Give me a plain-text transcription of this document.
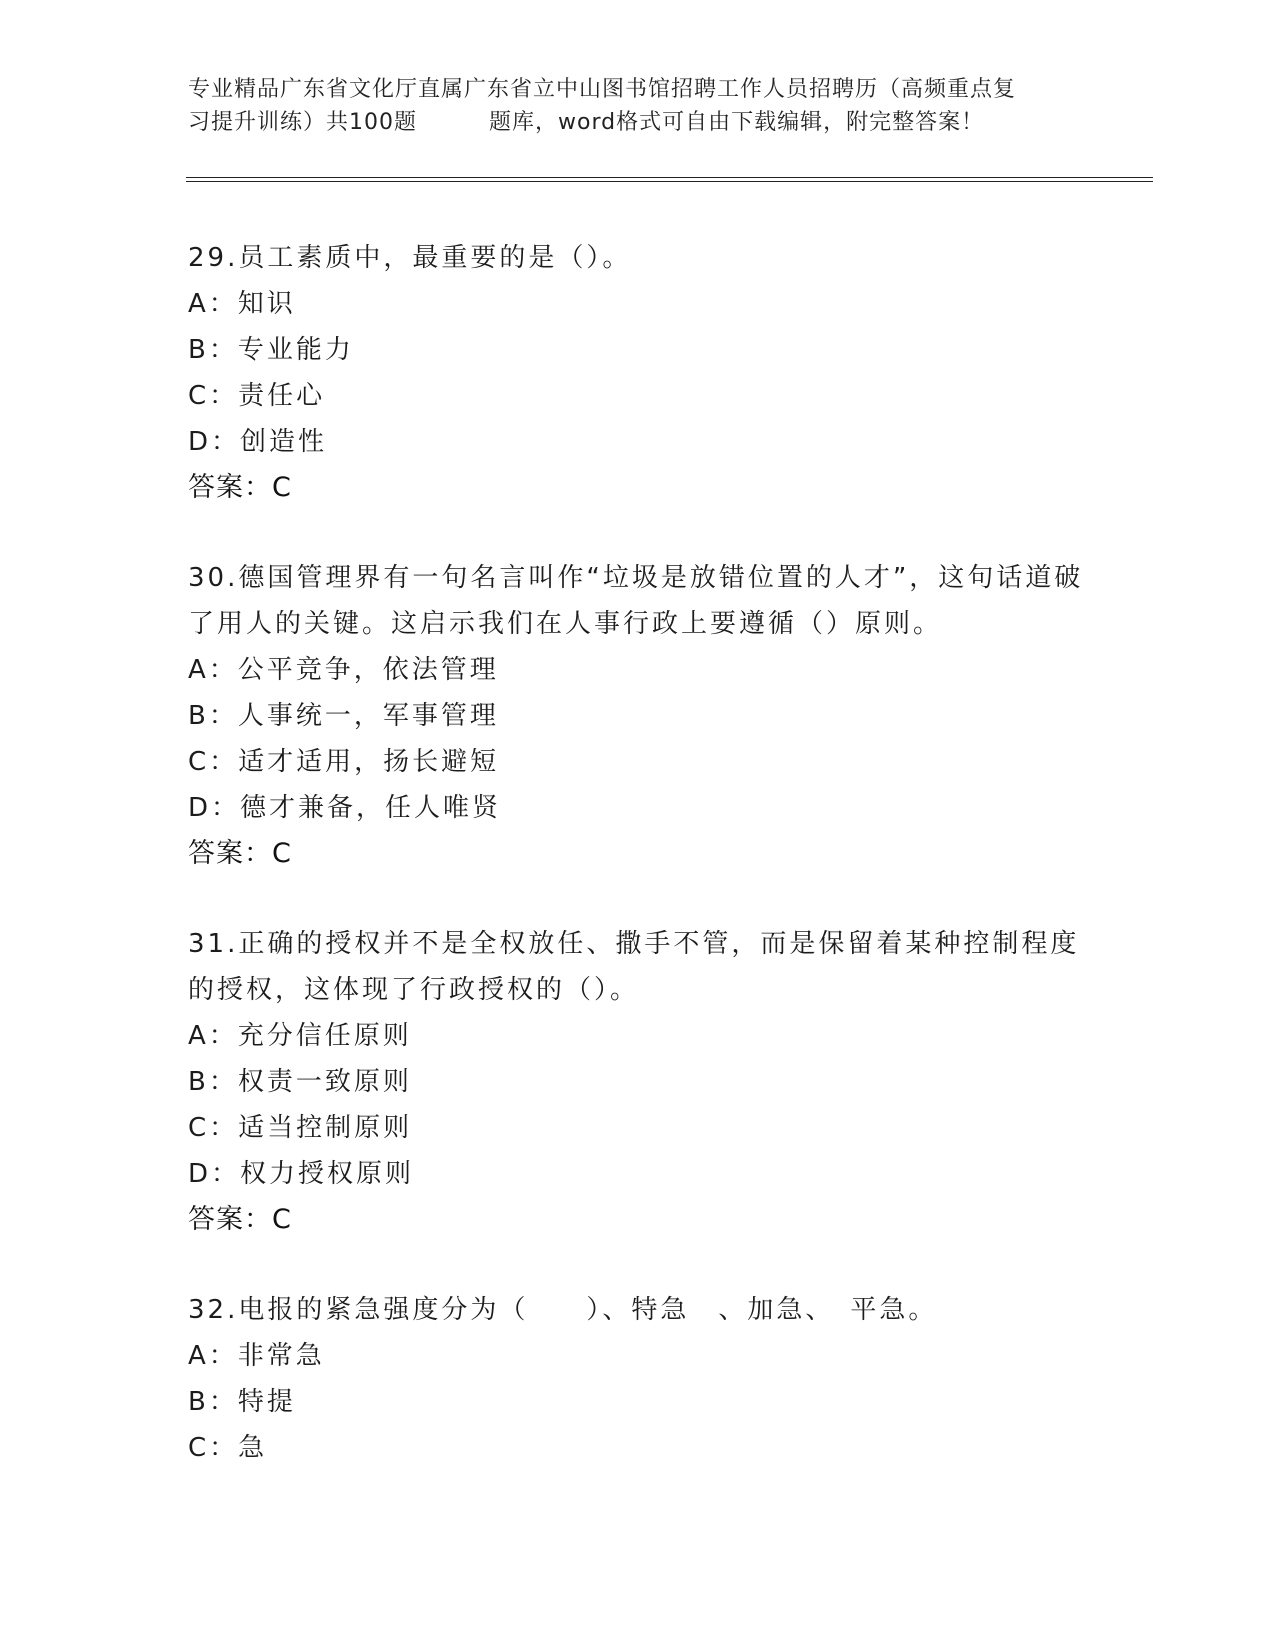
专业精品广东省文化厅直属广东省立中山图书馆招聘工作人员招聘历（高频重点复
习提升训练）共100题	题库，word格式可自由下载编辑，附完整答案！

29.员工素质中，最重要的是（）。

A：知识

B：专业能力

C：责任心

D：创造性

答案：C

30.德国管理界有一句名言叫作“垃圾是放错位置的人才”，这句话道破了用人的关键。这启示我们在人事行政上要遵循（）原则。

A：公平竞争，依法管理

B：人事统一，军事管理

C：适才适用，扬长避短

D：德才兼备，任人唯贤

答案：C

31.正确的授权并不是全权放任、撒手不管，而是保留着某种控制程度的授权，这体现了行政授权的（）。

A：充分信任原则

B：权责一致原则

C：适当控制原则

D：权力授权原则

答案：C

32.电报的紧急强度分为（　　）、特急　、加急、　平急。

A：非常急

B：特提

C：急
